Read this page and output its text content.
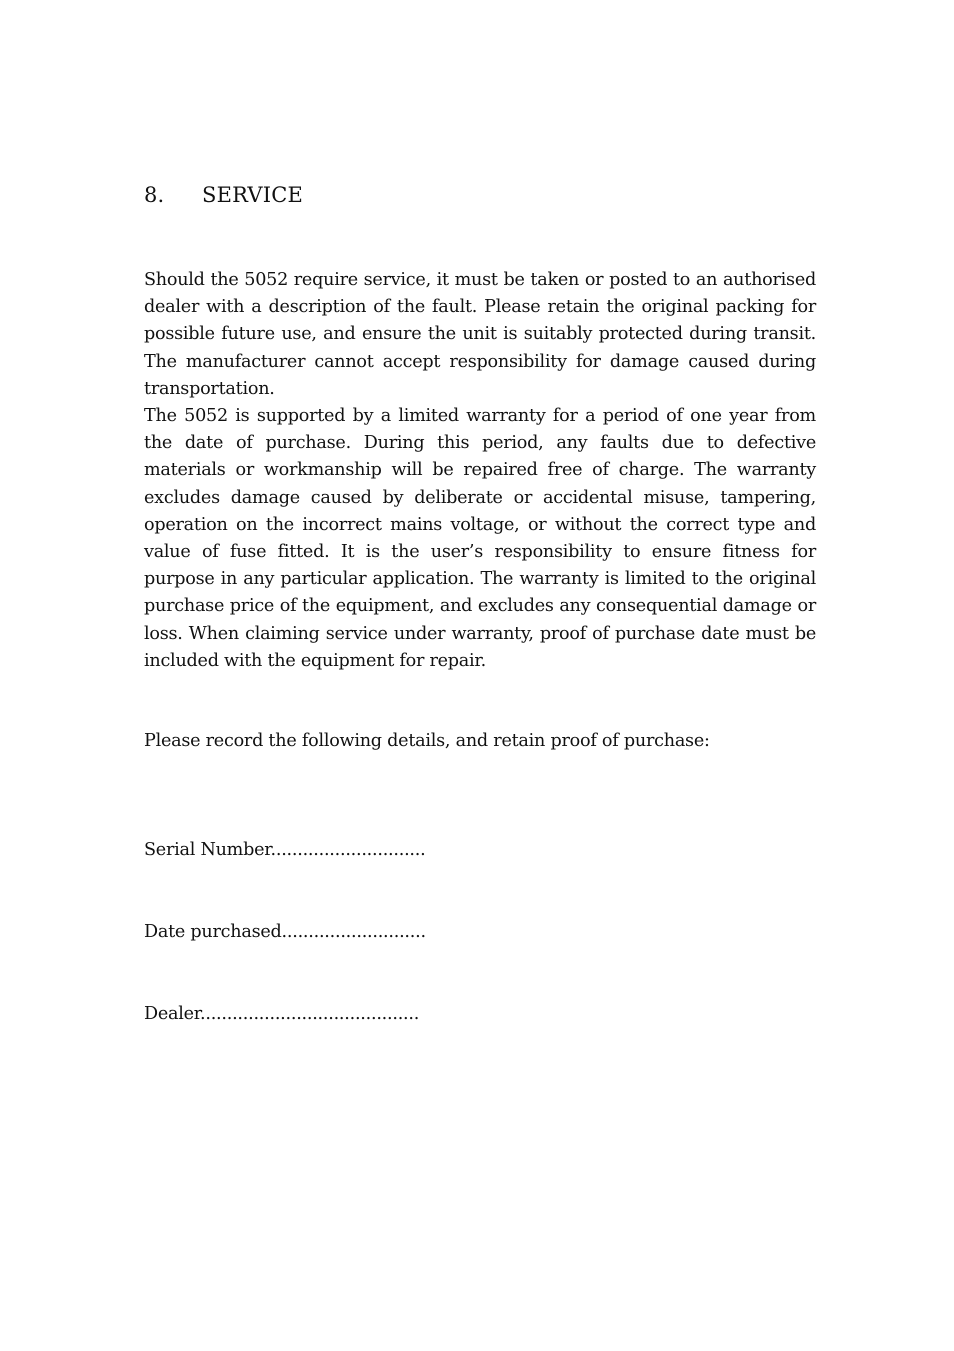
8.	SERVICE

Should the 5052 require service, it must be taken or posted to an authorised dealer with a description of the fault. Please retain the original packing for possible future use, and ensure the unit is suitably protected during transit. The manufacturer cannot accept responsibility for damage caused during transportation.

The 5052 is supported by a limited warranty for a period of one year from the date of purchase. During this period, any faults due to defective materials or workmanship will be repaired free of charge. The warranty excludes damage caused by deliberate or accidental misuse, tampering, operation on the incorrect mains voltage, or without the correct type and value of fuse fitted. It is the user’s responsibility to ensure fitness for purpose in any particular application. The warranty is limited to the original purchase price of the equipment, and excludes any consequential damage or loss. When claiming service under warranty, proof of purchase date must be included with the equipment for repair.

Please record the following details, and retain proof of purchase:
Serial Number.............................
Date purchased...........................
Dealer.........................................
